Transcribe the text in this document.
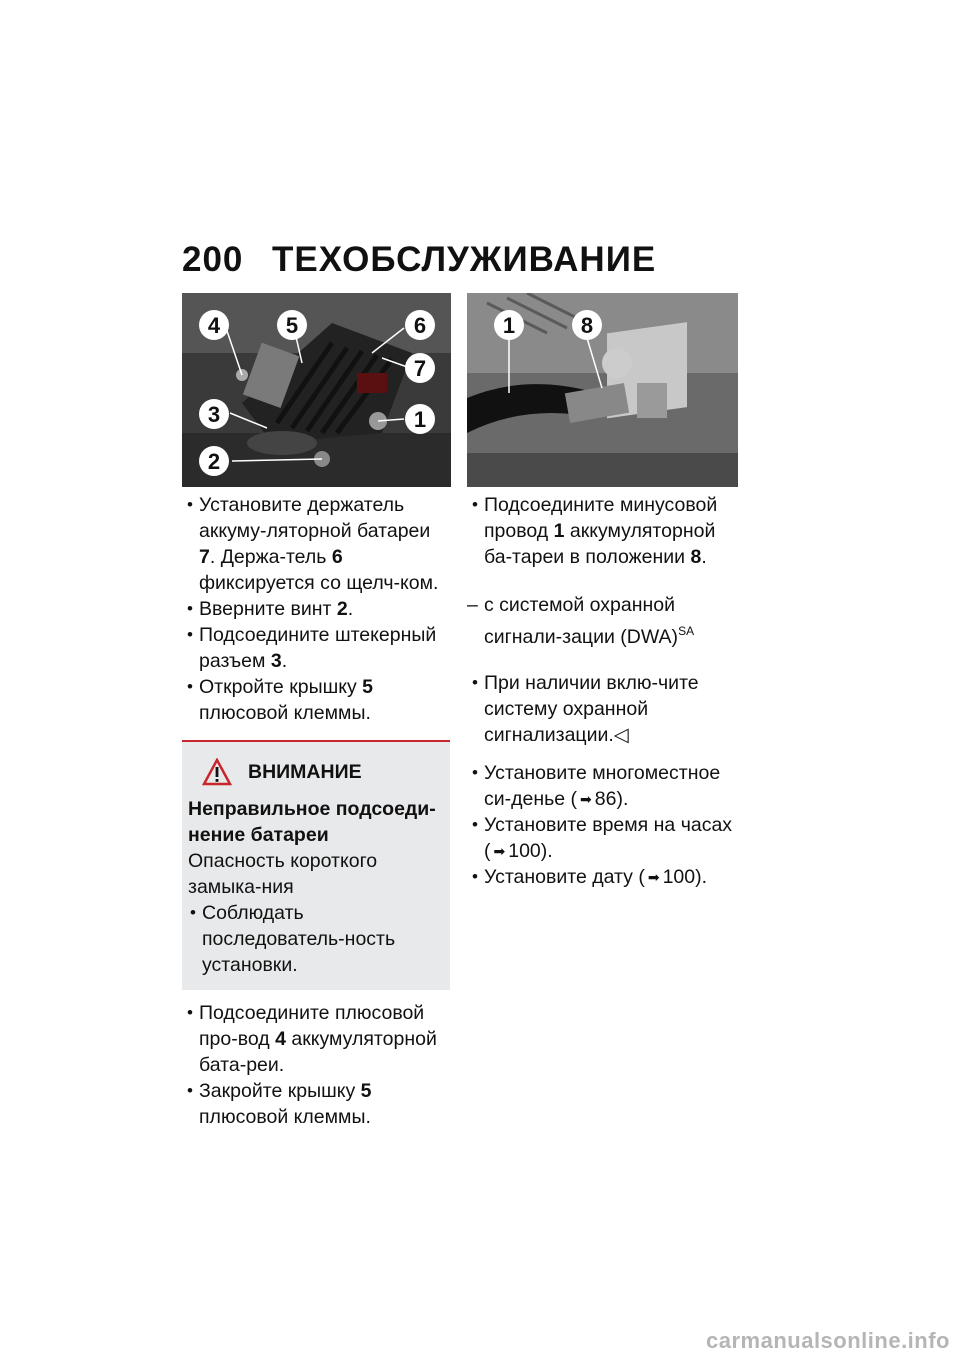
200 ТЕХОБСЛУЖИВАНИЕ
4	5	6
7
3	1
2
1	8

• Установите держатель аккуму-лятoрной батареи 7. Держа-тель 6 фиксируется со щелч-ком.

• Вверните винт 2.

• Подсоедините штекерный разъем 3.

• Откройте крышку 5 плюсовой клеммы.

ВНИМАНИЕ
Неправильное подсоеди-нение батареи
Опасность короткого замыка-ния

• Соблюдать последователь-ность установки.

• Подсоедините плюсовой про-вод 4 аккумуляторной бата-реи.

• Закройте крышку 5 плюсовой клеммы.

• Подсоедините минусовой провод 1 аккумуляторной ба-тареи в положении 8.

– с системой охранной сигнали-зации (DWA)$^{SA}$

• При наличии вклю-чите систему охранной сигнализации.◁

• Установите многоместное си-денье ( ➡ 86).

• Установите время на часах ( ➡ 100).

• Установите дату ( ➡ 100).

carmanualsonline.info
